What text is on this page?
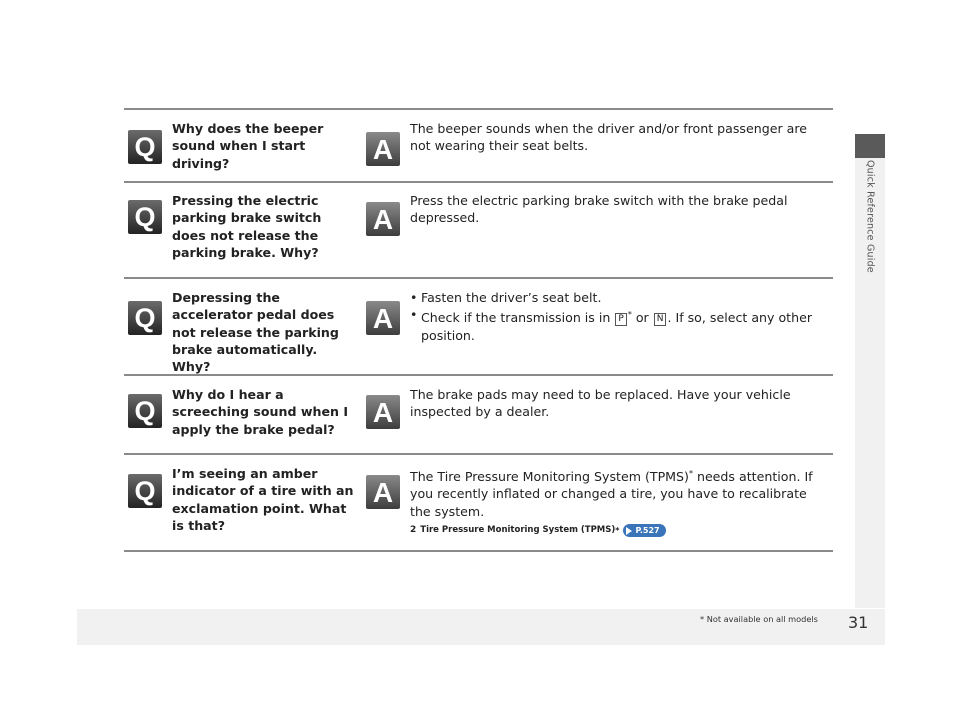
Quick Reference Guide
Q
Why does the beeper sound when I start driving?	A
The beeper sounds when the driver and/or front passenger are not wearing their seat belts.
Q
Pressing the electric parking brake switch does not release the parking brake. Why?
A
Press the electric parking brake switch with the brake pedal depressed.
Q
Depressing the accelerator pedal does not release the parking brake automatically. Why?
A
• Fasten the driver’s seat belt.
• Check if the transmission is in P * or N . If so, select any other position.
Q
Why do I hear a screeching sound when I apply the brake pedal?
A
The brake pads may need to be replaced. Have your vehicle inspected by a dealer.
Q
I’m seeing an amber indicator of a tire with an exclamation point. What is that?
A
The Tire Pressure Monitoring System (TPMS)* needs attention. If you recently inflated or changed a tire, you have to recalibrate the system.
2 Tire Pressure Monitoring System (TPMS) * P.527
* Not available on all models 31
